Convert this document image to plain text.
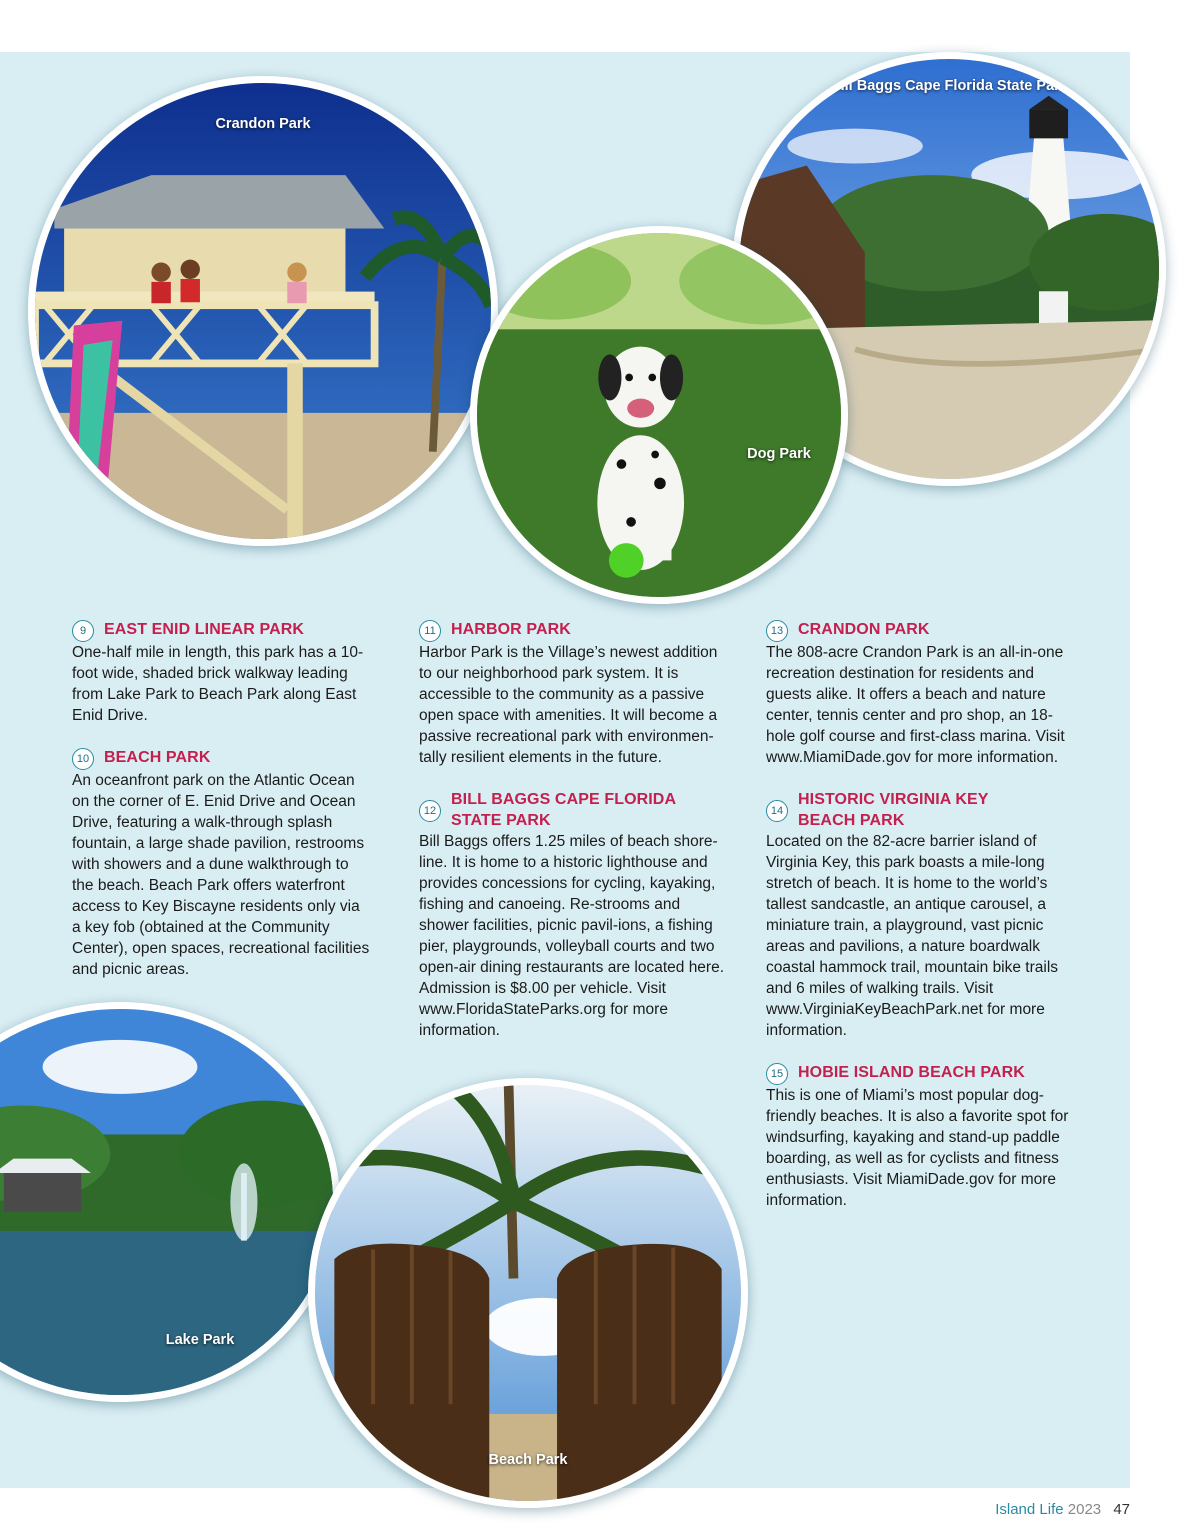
Crandon Park
Bill Baggs Cape Florida State Park
Dog Park
Lake Park
Beach Park
9	EAST ENID LINEAR PARK
One-half mile in length, this park has a 10-foot wide, shaded brick walkway leading from Lake Park to Beach Park along East Enid Drive.
10 BEACH PARK
An oceanfront park on the Atlantic Ocean on the corner of E. Enid Drive and Ocean Drive, featuring a walk-through splash fountain, a large shade pavilion, restrooms with showers and a dune walkthrough to the beach. Beach Park offers waterfront access to Key Biscayne residents only via a key fob (obtained at the Community Center), open spaces, recreational facilities and picnic areas.
11 HARBOR PARK
Harbor Park is the Village’s newest addition to our neighborhood park system. It is accessible to the community as a passive open space with amenities. It will become a passive recreational park with environmen-tally resilient elements in the future.
12
BILL BAGGS CAPE FLORIDA STATE PARK
Bill Baggs offers 1.25 miles of beach shore-line. It is home to a historic lighthouse and provides concessions for cycling, kayaking, fishing and canoeing. Re-strooms and shower facilities, picnic pavil-ions, a fishing pier, playgrounds, volleyball courts and two open-air dining restaurants are located here. Admission is $8.00 per vehicle. Visit www.FloridaStateParks.org for more information.
13 CRANDON PARK
The 808-acre Crandon Park is an all-in-one recreation destination for residents and guests alike. It offers a beach and nature center, tennis center and pro shop, an 18-hole golf course and first-class marina. Visit www.MiamiDade.gov for more information.
14
HISTORIC VIRGINIA KEY BEACH PARK
Located on the 82-acre barrier island of Virginia Key, this park boasts a mile-long stretch of beach. It is home to the world’s tallest sandcastle, an antique carousel, a miniature train, a playground, vast picnic areas and pavilions, a nature boardwalk coastal hammock trail, mountain bike trails and 6 miles of walking trails. Visit www.VirginiaKeyBeachPark.net for more information.
15 HOBIE ISLAND BEACH PARK
This is one of Miami’s most popular dog-friendly beaches. It is also a favorite spot for windsurfing, kayaking and stand-up paddle boarding, as well as for cyclists and fitness enthusiasts. Visit MiamiDade.gov for more information.
Island Life 2023 47
